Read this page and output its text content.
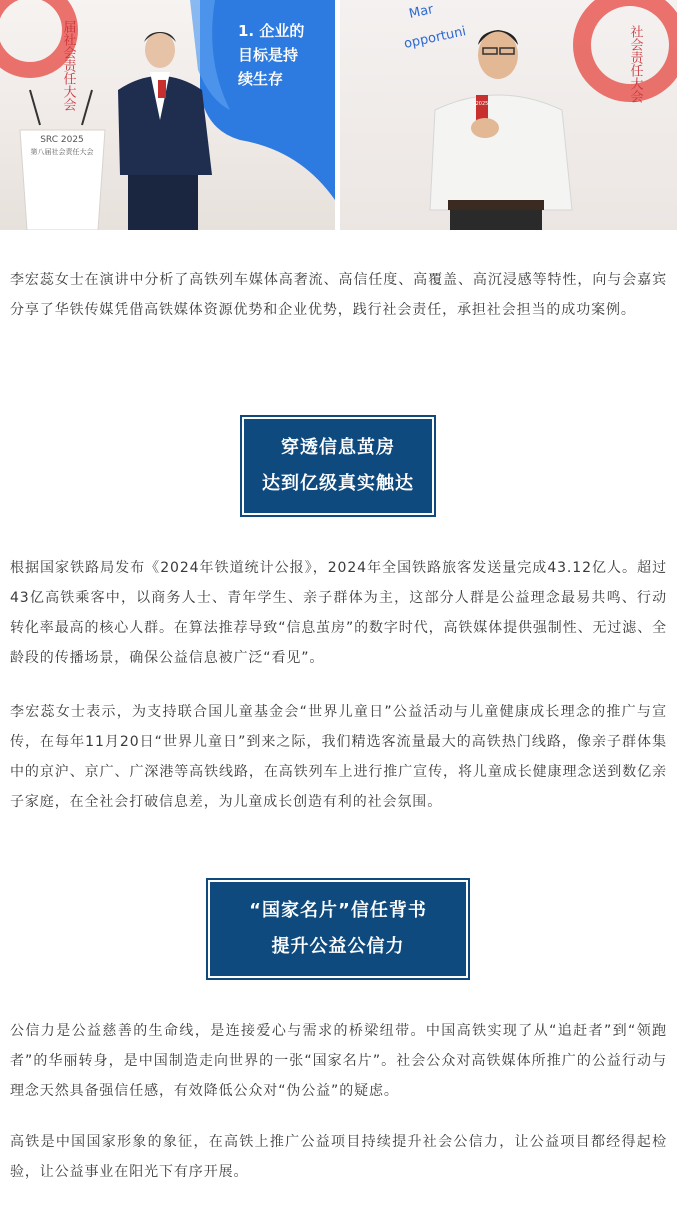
届社会责任大会	1. 企业的
目标是持
续生存
SRC 2025
第八届社会责任大会
社会责任大会
Mar
opportuni
2025

李宏蕊女士在演讲中分析了高铁列车媒体高奢流、高信任度、高覆盖、高沉浸感等特性，向与会嘉宾分享了华铁传媒凭借高铁媒体资源优势和企业优势，践行社会责任，承担社会担当的成功案例。

穿透信息茧房
达到亿级真实触达

根据国家铁路局发布《2024年铁道统计公报》，2024年全国铁路旅客发送量完成43.12亿人。超过43亿高铁乘客中，以商务人士、青年学生、亲子群体为主，这部分人群是公益理念最易共鸣、行动转化率最高的核心人群。在算法推荐导致“信息茧房”的数字时代，高铁媒体提供强制性、无过滤、全龄段的传播场景，确保公益信息被广泛“看见”。

李宏蕊女士表示，为支持联合国儿童基金会“世界儿童日”公益活动与儿童健康成长理念的推广与宣传，在每年11月20日“世界儿童日”到来之际，我们精选客流量最大的高铁热门线路，像亲子群体集中的京沪、京广、广深港等高铁线路，在高铁列车上进行推广宣传，将儿童成长健康理念送到数亿亲子家庭，在全社会打破信息差，为儿童成长创造有利的社会氛围。

“国家名片”信任背书
提升公益公信力

公信力是公益慈善的生命线，是连接爱心与需求的桥梁纽带。中国高铁实现了从“追赶者”到“领跑者”的华丽转身，是中国制造走向世界的一张“国家名片”。社会公众对高铁媒体所推广的公益行动与理念天然具备强信任感，有效降低公众对“伪公益”的疑虑。

高铁是中国国家形象的象征，在高铁上推广公益项目持续提升社会公信力，让公益项目都经得起检验，让公益事业在阳光下有序开展。
